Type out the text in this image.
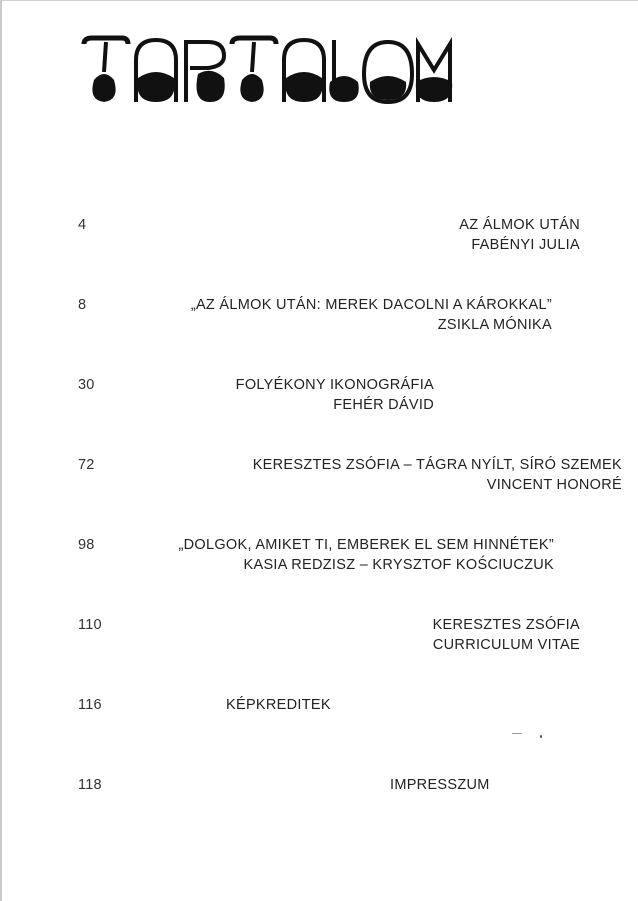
4	AZ ÁLMOK UTÁN
FABÉNYI JULIA
8	„AZ ÁLMOK UTÁN: MEREK DACOLNI A KÁROKKAL”
ZSIKLA MÓNIKA
30	FOLYÉKONY IKONOGRÁFIA
FEHÉR DÁVID
72	KERESZTES ZSÓFIA – TÁGRA NYÍLT, SÍRÓ SZEMEK
VINCENT HONORÉ
98	„DOLGOK, AMIKET TI, EMBEREK EL SEM HINNÉTEK”
KASIA REDZISZ – KRYSZTOF KOŚCIUCZUK
110	KERESZTES ZSÓFIA
CURRICULUM VITAE
116	KÉPKREDITEK
118	IMPRESSZUM
